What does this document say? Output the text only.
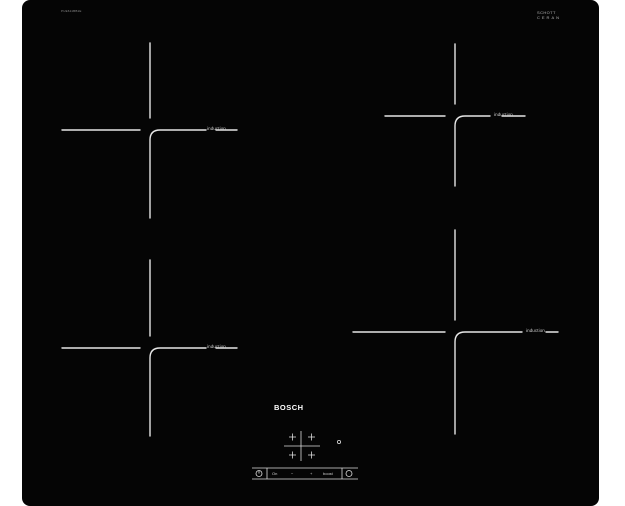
PUE611BB1E	SCHOTT
CERAN
induction
induction
induction
induction
BOSCH
On	−	+	boost
